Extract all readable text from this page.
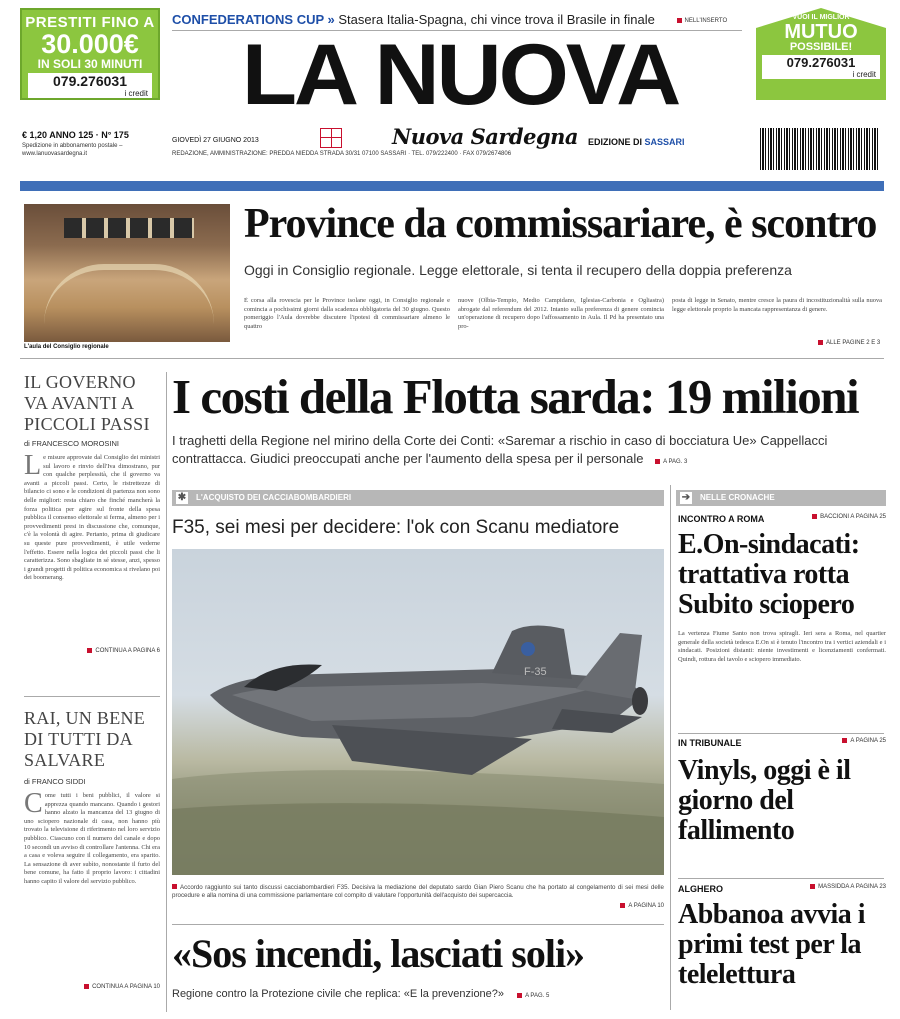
PRESTITI FINO A
30.000€
IN SOLI 30 MINUTI
079.276031
i credit
VUOI IL MIGLIOR
MUTUO
POSSIBILE!
079.276031
i credit
CONFEDERATIONS CUP » Stasera Italia-Spagna, chi vince trova il Brasile in finale	NELL'INSERTO
LA NUOVA
Nuova Sardegna EDIZIONE DI SASSARI
GIOVEDÌ 27 GIUGNO 2013
REDAZIONE, AMMINISTRAZIONE: PREDDA NIEDDA STRADA 30/31 07100 SASSARI · TEL. 079/222400 · FAX 079/2674806
€ 1,20 ANNO 125 · N° 175
Spedizione in abbonamento postale – www.lanuovasardegna.it
L'aula del Consiglio regionale
Province da commissariare, è scontro
Oggi in Consiglio regionale. Legge elettorale, si tenta il recupero della doppia preferenza
È corsa alla rovescia per le Province isolane oggi, in Consiglio regionale e comincia a pochissimi giorni dalla scadenza obbligatoria del 30 giugno. Questo pomeriggio l'Aula dovrebbe discutere l'ipotesi di commissariare almeno le quattro
nuove (Olbia-Tempio, Medio Campidano, Iglesias-Carbonia e Ogliastra) abrogate dal referendum del 2012. Intanto sulla preferenza di genere comincia un'operazione di recupero dopo l'affossamento in Aula. Il Pd ha presentato una pro-
posta di legge in Senato, mentre cresce la paura di incostituzionalità sulla nuova legge elettorale proprio la mancata rappresentanza di genere.
ALLE PAGINE 2 E 3
I costi della Flotta sarda: 19 milioni
I traghetti della Regione nel mirino della Corte dei Conti: «Saremar a rischio in caso di bocciatura Ue» Cappellacci contrattacca. Giudici preoccupati anche per l'aumento della spesa per il personale	A PAG. 3
IL GOVERNO VA AVANTI A PICCOLI PASSI
di FRANCESCO MOROSINI
Le misure approvate dal Consiglio dei ministri sul lavoro e rinvio dell'Iva dimostrano, pur con qualche perplessità, che il governo va avanti a piccoli passi. Certo, le ristrettezze di bilancio ci sono e le condizioni di partenza non sono delle migliori: resta chiaro che finché mancherà la forza politica per agire sul fronte della spesa pubblica il consenso elettorale si ferma, almeno per i provvedimenti presi in discussione che, comunque, c'è la volontà di agire. Pertanto, prima di giudicare su queste pure provvedimenti, è utile vederne l'effetto. Essere nella logica dei piccoli passi che li caratterizza. Sono sbagliate in sé stesse, anzi, spesso i grandi progetti di politica economica si rivelano poi dei boomerang.
CONTINUA A PAGINA 6
RAI, UN BENE DI TUTTI DA SALVARE
di FRANCO SIDDI
Come tutti i beni pubblici, il valore si apprezza quando mancano. Quando i gestori hanno alzato la mancanza del 13 giugno di uno sciopero nazionale di casa, non hanno più trovato la televisione di riferimento nel loro servizio pubblico. Ciascuno con il numero del canale e dopo 10 secondi un avviso di controllare l'antenna. Chi era a casa e voleva seguire il collegamento, era sparito. La sensazione di aver subìto, nonostante il furto del bene comune, ha fatto il proprio lavoro: i cittadini hanno capito il valore del servizio pubblico.
CONTINUA A PAGINA 10
✱ L'ACQUISTO DEI CACCIABOMBARDIERI
F35, sei mesi per decidere: l'ok con Scanu mediatore
F-35
Accordo raggiunto sui tanto discussi cacciabombardieri F35. Decisiva la mediazione del deputato sardo Gian Piero Scanu che ha portato al congelamento di sei mesi delle procedure e alla nomina di una commissione parlamentare col compito di valutare l'opportunità dell'acquisto dei supercaccia.
A PAGINA 10
➔ NELLE CRONACHE
INCONTRO A ROMA	BACCIONI A PAGINA 25
E.On-sindacati: trattativa rotta Subito sciopero
La vertenza Fiume Santo non trova spiragli. Ieri sera a Roma, nel quartier generale della società tedesca E.On si è tenuto l'incontro tra i vertici aziendali e i sindacati. Posizioni distanti: niente investimenti e licenziamenti confermati. Quindi, rottura del tavolo e sciopero immediato.
IN TRIBUNALE	A PAGINA 25
Vinyls, oggi è il giorno del fallimento
ALGHERO	MASSIDDA A PAGINA 23
Abbanoa avvia i primi test per la telelettura
«Sos incendi, lasciati soli»
Regione contro la Protezione civile che replica: «E la prevenzione?»	A PAG. 5
